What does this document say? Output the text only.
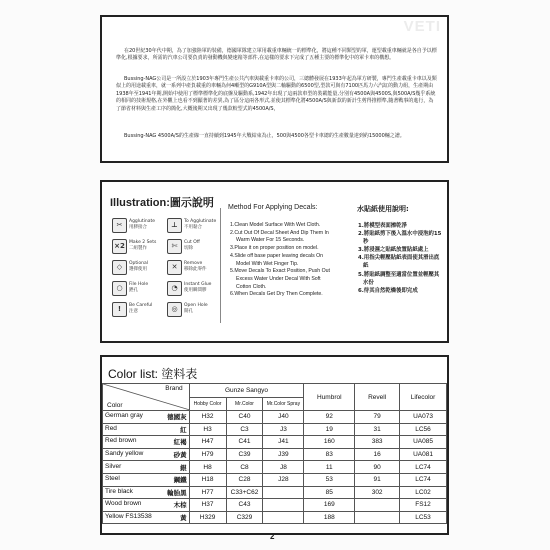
VETI

在20世紀30年代中期，為了加強陸軍的裝備，德國軍隊建立軍用載重車輛統一的標準化，將這種不同類型的軍，運型載重車輛就是各自予以標準化,根據要求，所需的汽車公司要負責的發動機與變速箱等部件,在這樣的要求下完成了五種主要的標準化中的軍卡車的構想。

Bussing-NAG公司是一所設立於1903年專門生產公共汽車與載重卡車的公司，三總體發展在1933年起為軍方研製，專門生產載重卡車以及類似上的用途載重車，就一系列中產負載重的車輛為何4噸型的G910A型與二軸驅動的6500型,型款可與有7100匹馬力六汽缸的動力組，生產期由1938年至1941年期,開始中使用了標準標準化的底盤及驅動系,1942年出現了這兩款車型的裝載能量,分別有4500A與4500S,與500A/S幾乎系統的相同的技術規格,在外觀上也看不到顯著的差異,為了區分這兩各形式,並使其標準化將4500A/S與新款的新計生剪得推標準,隨著戰事的進行，為了節省材料與生產工序的簡化,大概後期又出現了幾款較型式的4500A/S，

Bussing-NAG 4500A/S的生產線一直持續到1945年大戰結束為止，500與4500各型卡車總的生產數量達到約15000輛之譜。

Illustration:圖示說明
✂	Agglutinate
用膠接合	⊥	To Agglutinate
不用黏合
×2 Make 2 Sets
二組製作	✄	Cut Off
切除
◇	Optional
選擇使用	✕	Remove
移除此零件
○	File Hole
銼孔	◔	Instant Glue
使用瞬間膠
!	Be Careful
注意	◎	Open Hole
開孔
Method For Applying Decals:
1.Clean Model Surface With Wet Cloth.
2.Cut Out Of Decal Sheet And Dip Them In Warm Water For 15 Seconds.
3.Place it on proper position on model.
4.Slide off base paper leaving decals On Model With Wet Finger Tip.
5.Move Decals To Exact Position, Push Out Excess Water Under Decal With Soft Cotton Cloth.
6.When Decals Get Dry Then Complete.
水貼紙使用說明:
1.將模型表面擦乾淨
2.將貼紙剪下後入溫水中浸泡約15秒
3.將浸濕之貼紙放置貼紙處上
4.用指尖輕壓貼紙表面使其滑出底紙
5.將貼紙調整至適當位置並輕壓其水份
6.待其自然乾燥後即完成
Color list: 塗料表
Brand
Color	Gunze Sangyo			Humbrol	Revell	Lifecolor
	Hobby Color	Mr.Color	Mr.Color Spray			

German gray 德國灰	H32	C40	J40	92	79	UA073

Red 紅	H3	C3	J3	19	31	LC56

Red brown 紅褐	H47	C41	J41	160	383	UA085

Sandy yellow 砂黃	H79	C39	J39	83	16	UA081

Silver 銀	H8	C8	J8	11	90	LC74

Steel 鋼鐵	H18	C28	J28	53	91	LC74

Tire black 輪胎黑	H77	C33+C62		85	302	LC02

Wood brown 木棕	H37	C43		169		FS12

Yellow FS13538 黃	H329	C329		188		LC53
2
